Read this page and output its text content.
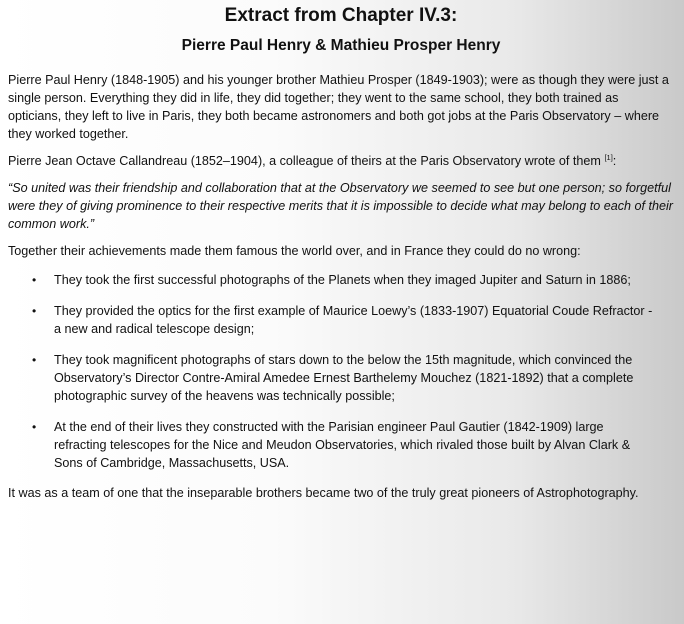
Extract from Chapter IV.3:
Pierre Paul Henry & Mathieu Prosper Henry

Pierre Paul Henry (1848-1905) and his younger brother Mathieu Prosper (1849-1903); were as though they were just a single person. Everything they did in life, they did together; they went to the same school, they both trained as opticians, they left to live in Paris, they both became astronomers and both got jobs at the Paris Observatory – where they worked together.

Pierre Jean Octave Callandreau (1852–1904), a colleague of theirs at the Paris Observatory wrote of them [1]:

“So united was their friendship and collaboration that at the Observatory we seemed to see but one person; so forgetful were they of giving prominence to their respective merits that it is impossible to decide what may belong to each of their common work.”

Together their achievements made them famous the world over, and in France they could do no wrong:

• They took the first successful photographs of the Planets when they imaged Jupiter and Saturn in 1886;
• They provided the optics for the first example of Maurice Loewy’s (1833-1907) Equatorial Coude Refractor - a new and radical telescope design;
• They took magnificent photographs of stars down to the below the 15th magnitude, which convinced the Observatory’s Director Contre-Amiral Amedee Ernest Barthelemy Mouchez (1821-1892) that a complete photographic survey of the heavens was technically possible;
• At the end of their lives they constructed with the Parisian engineer Paul Gautier (1842-1909) large refracting telescopes for the Nice and Meudon Observatories, which rivaled those built by Alvan Clark & Sons of Cambridge, Massachusetts, USA.

It was as a team of one that the inseparable brothers became two of the truly great pioneers of Astrophotography.
